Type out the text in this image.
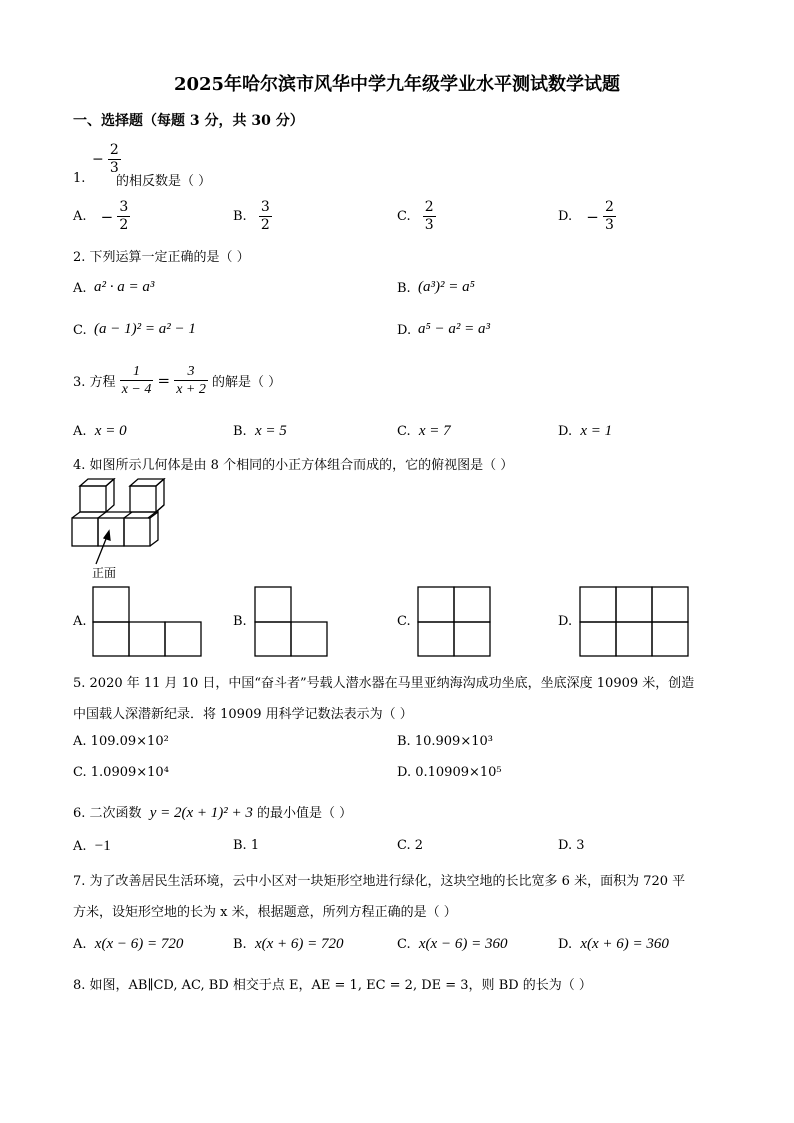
2025年哈尔滨市风华中学九年级学业水平测试数学试题
一、选择题（每题 3 分，共 30 分）
− $\frac{2}{3}$
1. 的相反数是（ ）
A. − $\frac{3}{2}$	B. $\frac{3}{2}$	C. $\frac{2}{3}$	D. − $\frac{2}{3}$
2. 下列运算一定正确的是（ ）
A. a² · a = a³	B. (a³)² = a⁵
C. (a − 1)² = a² − 1	D. a⁵ − a² = a³
3. 方程 $\frac{1}{x - 4} = \frac{3}{x + 2}$ 的解是（ ）
A. x = 0	B. x = 5	C. x = 7	D. x = 1
4. 如图所示几何体是由 8 个相同的小正方体组合而成的，它的俯视图是（ ）
正面
A.	B.	C.	D.
5. 2020 年 11 月 10 日，中国“奋斗者”号载人潜水器在马里亚纳海沟成功坐底，坐底深度 10909 米，创造
中国载人深潜新纪录．将 10909 用科学记数法表示为（ ）
A. 109.09×10²	B. 10.909×10³
C. 1.0909×10⁴	D. 0.10909×10⁵
6. 二次函数 y = 2(x + 1)² + 3 的最小值是（ ）
A. −1	B. 1	C. 2	D. 3
7. 为了改善居民生活环境，云中小区对一块矩形空地进行绿化，这块空地的长比宽多 6 米，面积为 720 平
方米，设矩形空地的长为 x 米，根据题意，所列方程正确的是（ ）
A. x(x − 6) = 720	B. x(x + 6) = 720	C. x(x − 6) = 360	D. x(x + 6) = 360
8. 如图，AB∥CD, AC, BD 相交于点 E，AE = 1, EC = 2, DE = 3，则 BD 的长为（ ）
